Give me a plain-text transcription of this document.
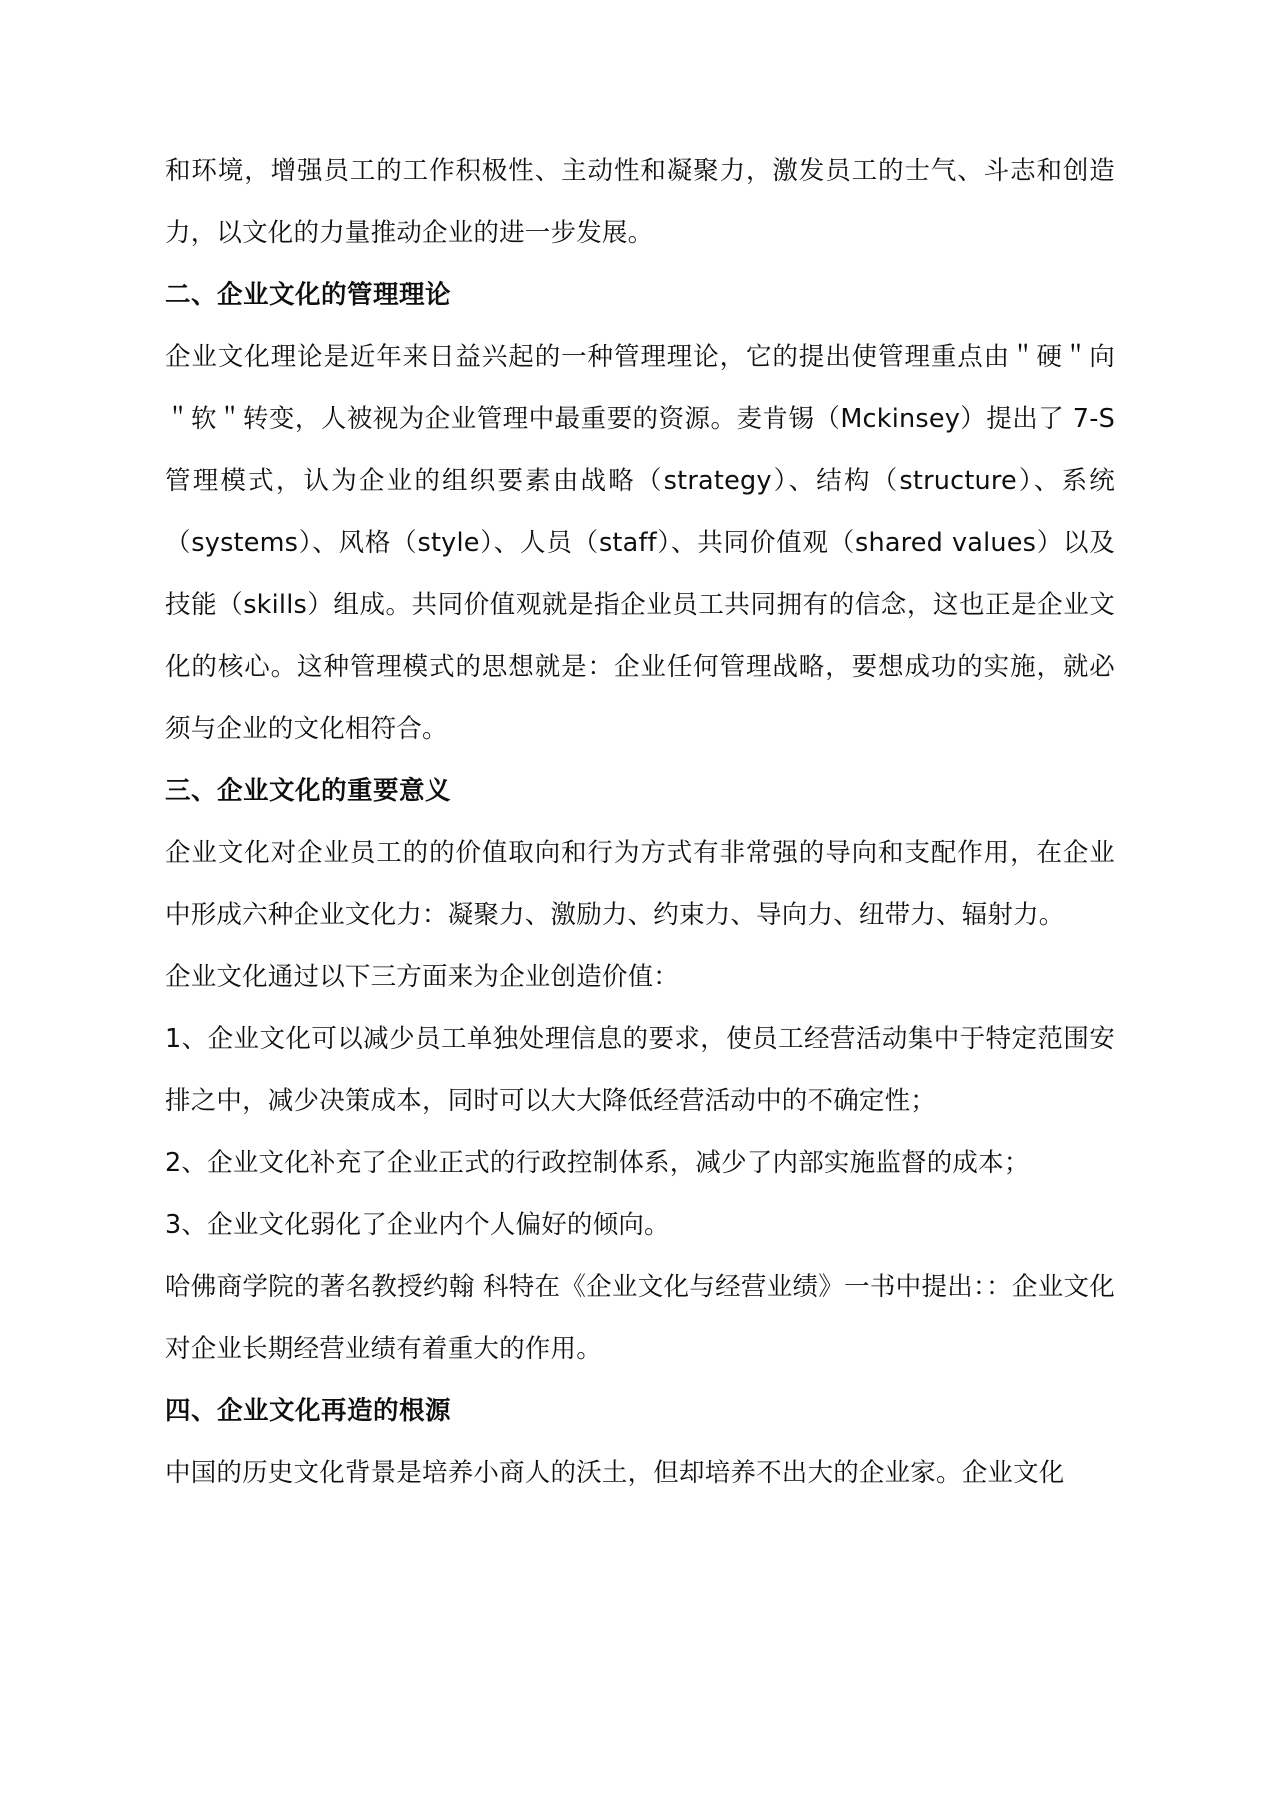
和环境，增强员工的工作积极性、主动性和凝聚力，激发员工的士气、斗志和创造力，以文化的力量推动企业的进一步发展。

二、企业文化的管理理论

企业文化理论是近年来日益兴起的一种管理理论，它的提出使管理重点由＂硬＂向＂软＂转变，人被视为企业管理中最重要的资源。麦肯锡（Mckinsey）提出了 7-S 管理模式，认为企业的组织要素由战略（strategy）、结构（structure）、系统（systems）、风格（style）、人员（staff）、共同价值观（shared values）以及技能（skills）组成。共同价值观就是指企业员工共同拥有的信念，这也正是企业文化的核心。这种管理模式的思想就是：企业任何管理战略，要想成功的实施，就必须与企业的文化相符合。

三、企业文化的重要意义

企业文化对企业员工的的价值取向和行为方式有非常强的导向和支配作用，在企业中形成六种企业文化力：凝聚力、激励力、约束力、导向力、纽带力、辐射力。

企业文化通过以下三方面来为企业创造价值：

1、企业文化可以减少员工单独处理信息的要求，使员工经营活动集中于特定范围安排之中，减少决策成本，同时可以大大降低经营活动中的不确定性；

2、企业文化补充了企业正式的行政控制体系，减少了内部实施监督的成本；

3、企业文化弱化了企业内个人偏好的倾向。

哈佛商学院的著名教授约翰 科特在《企业文化与经营业绩》一书中提出：：企业文化对企业长期经营业绩有着重大的作用。

四、企业文化再造的根源

中国的历史文化背景是培养小商人的沃土，但却培养不出大的企业家。企业文化
